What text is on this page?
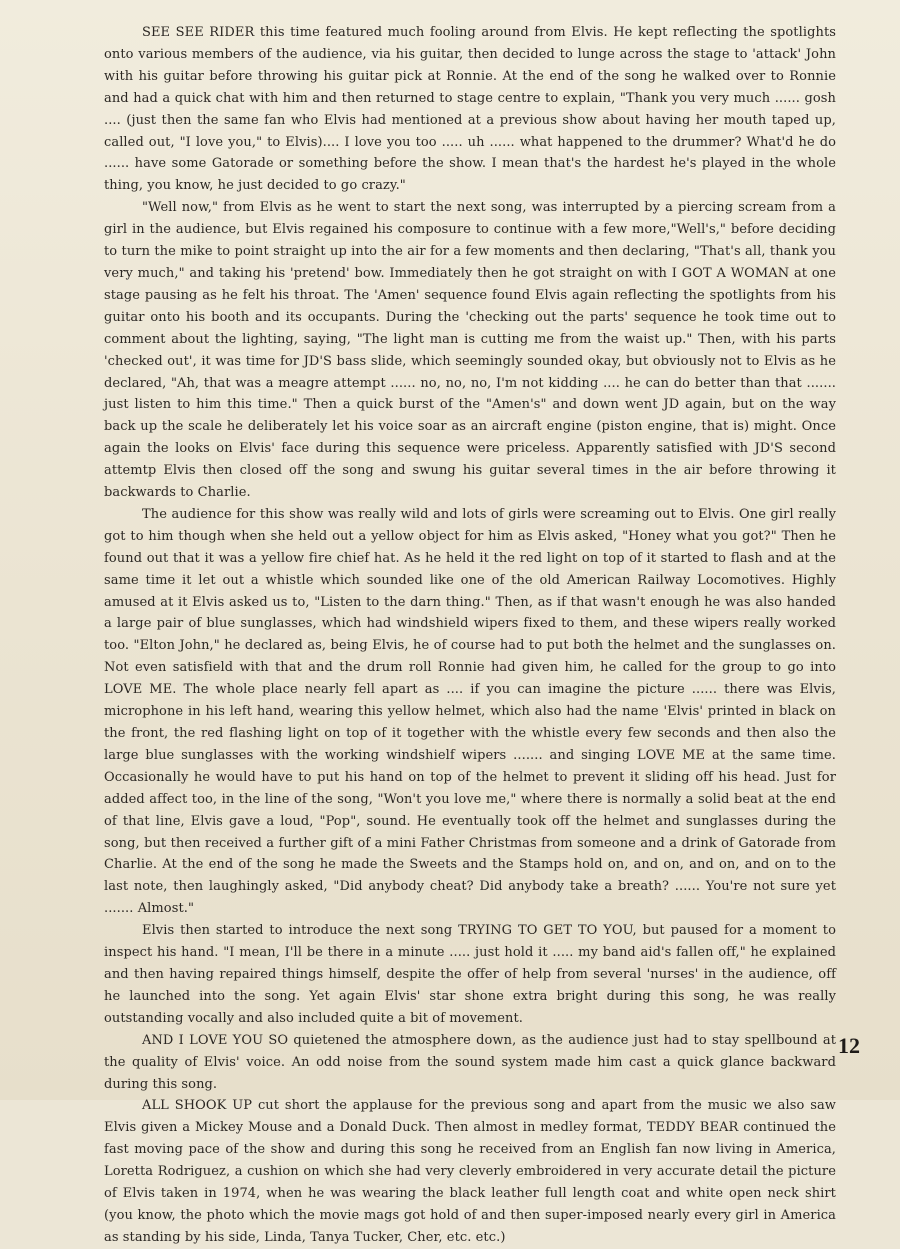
SEE SEE RIDER this time featured much fooling around from Elvis. He kept reflecting the spotlights onto various members of the audience, via his guitar, then decided to lunge across the stage to 'attack' John with his guitar before throwing his guitar pick at Ronnie. At the end of the song he walked over to Ronnie and had a quick chat with him and then returned to stage centre to explain, "Thank you very much ...... gosh .... (just then the same fan who Elvis had mentioned at a previous show about having her mouth taped up, called out, "I love you," to Elvis).... I love you too ..... uh ...... what happened to the drummer? What'd he do ...... have some Gatorade or something before the show. I mean that's the hardest he's played in the whole thing, you know, he just decided to go crazy."

"Well now," from Elvis as he went to start the next song, was interrupted by a piercing scream from a girl in the audience, but Elvis regained his composure to continue with a few more,"Well's," before deciding to turn the mike to point straight up into the air for a few moments and then declaring, "That's all, thank you very much," and taking his 'pretend' bow. Immediately then he got straight on with I GOT A WOMAN at one stage pausing as he felt his throat. The 'Amen' sequence found Elvis again reflecting the spotlights from his guitar onto his booth and its occupants. During the 'checking out the parts' sequence he took time out to comment about the lighting, saying, "The light man is cutting me from the waist up." Then, with his parts 'checked out', it was time for JD'S bass slide, which seemingly sounded okay, but obviously not to Elvis as he declared, "Ah, that was a meagre attempt ...... no, no, no, I'm not kidding .... he can do better than that ....... just listen to him this time." Then a quick burst of the "Amen's" and down went JD again, but on the way back up the scale he deliberately let his voice soar as an aircraft engine (piston engine, that is) might. Once again the looks on Elvis' face during this sequence were priceless. Apparently satisfied with JD'S second attemtp Elvis then closed off the song and swung his guitar several times in the air before throwing it backwards to Charlie.

The audience for this show was really wild and lots of girls were screaming out to Elvis. One girl really got to him though when she held out a yellow object for him as Elvis asked, "Honey what you got?" Then he found out that it was a yellow fire chief hat. As he held it the red light on top of it started to flash and at the same time it let out a whistle which sounded like one of the old American Railway Locomotives. Highly amused at it Elvis asked us to, "Listen to the darn thing." Then, as if that wasn't enough he was also handed a large pair of blue sunglasses, which had windshield wipers fixed to them, and these wipers really worked too. "Elton John," he declared as, being Elvis, he of course had to put both the helmet and the sunglasses on. Not even satisfield with that and the drum roll Ronnie had given him, he called for the group to go into LOVE ME. The whole place nearly fell apart as .... if you can imagine the picture ...... there was Elvis, microphone in his left hand, wearing this yellow helmet, which also had the name 'Elvis' printed in black on the front, the red flashing light on top of it together with the whistle every few seconds and then also the large blue sunglasses with the working windshielf wipers ....... and singing LOVE ME at the same time. Occasionally he would have to put his hand on top of the helmet to prevent it sliding off his head. Just for added affect too, in the line of the song, "Won't you love me," where there is normally a solid beat at the end of that line, Elvis gave a loud, "Pop", sound. He eventually took off the helmet and sunglasses during the song, but then received a further gift of a mini Father Christmas from someone and a drink of Gatorade from Charlie. At the end of the song he made the Sweets and the Stamps hold on, and on, and on, and on to the last note, then laughingly asked, "Did anybody cheat? Did anybody take a breath? ...... You're not sure yet ....... Almost."

Elvis then started to introduce the next song TRYING TO GET TO YOU, but paused for a moment to inspect his hand. "I mean, I'll be there in a minute ..... just hold it ..... my band aid's fallen off," he explained and then having repaired things himself, despite the offer of help from several 'nurses' in the audience, off he launched into the song. Yet again Elvis' star shone extra bright during this song, he was really outstanding vocally and also included quite a bit of movement.

AND I LOVE YOU SO quietened the atmosphere down, as the audience just had to stay spellbound at the quality of Elvis' voice. An odd noise from the sound system made him cast a quick glance backward during this song.

ALL SHOOK UP cut short the applause for the previous song and apart from the music we also saw Elvis given a Mickey Mouse and a Donald Duck. Then almost in medley format, TEDDY BEAR continued the fast moving pace of the show and during this song he received from an English fan now living in America, Loretta Rodriguez, a cushion on which she had very cleverly embroidered in very accurate detail the picture of Elvis taken in 1974, when he was wearing the black leather full length coat and white open neck shirt (you know, the photo which the movie mags got hold of and then super-imposed nearly every girl in America as standing by his side, Linda, Tanya Tucker, Cher, etc. etc.)

12
